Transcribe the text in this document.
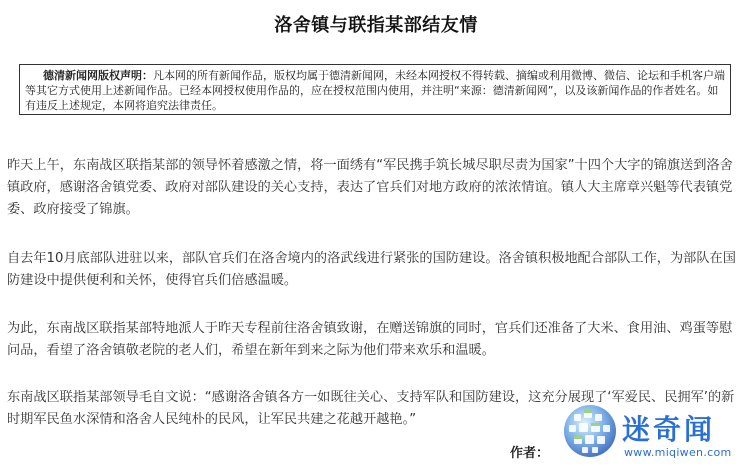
洛舍镇与联指某部结友情
德清新闻网版权声明：凡本网的所有新闻作品，版权均属于德清新闻网，未经本网授权不得转载、摘编或利用微博、微信、论坛和手机客户端等其它方式使用上述新闻作品。已经本网授权使用作品的，应在授权范围内使用，并注明“来源：德清新闻网”，以及该新闻作品的作者姓名。如有违反上述规定，本网将追究法律责任。

昨天上午，东南战区联指某部的领导怀着感激之情，将一面绣有“军民携手筑长城尽职尽责为国家”十四个大字的锦旗送到洛舍镇政府，感谢洛舍镇党委、政府对部队建设的关心支持，表达了官兵们对地方政府的浓浓情谊。镇人大主席章兴魁等代表镇党委、政府接受了锦旗。

自去年10月底部队进驻以来，部队官兵们在洛舍境内的洛武线进行紧张的国防建设。洛舍镇积极地配合部队工作，为部队在国防建设中提供便利和关怀，使得官兵们倍感温暖。

为此，东南战区联指某部特地派人于昨天专程前往洛舍镇致谢，在赠送锦旗的同时，官兵们还准备了大米、食用油、鸡蛋等慰问品，看望了洛舍镇敬老院的老人们，希望在新年到来之际为他们带来欢乐和温暖。

东南战区联指某部领导毛自文说：“感谢洛舍镇各方一如既往关心、支持军队和国防建设，这充分展现了‘军爱民、民拥军’的新时期军民鱼水深情和洛舍人民纯朴的民风，让军民共建之花越开越艳。”

作者：
迷奇闻
www.miqiwen.com
